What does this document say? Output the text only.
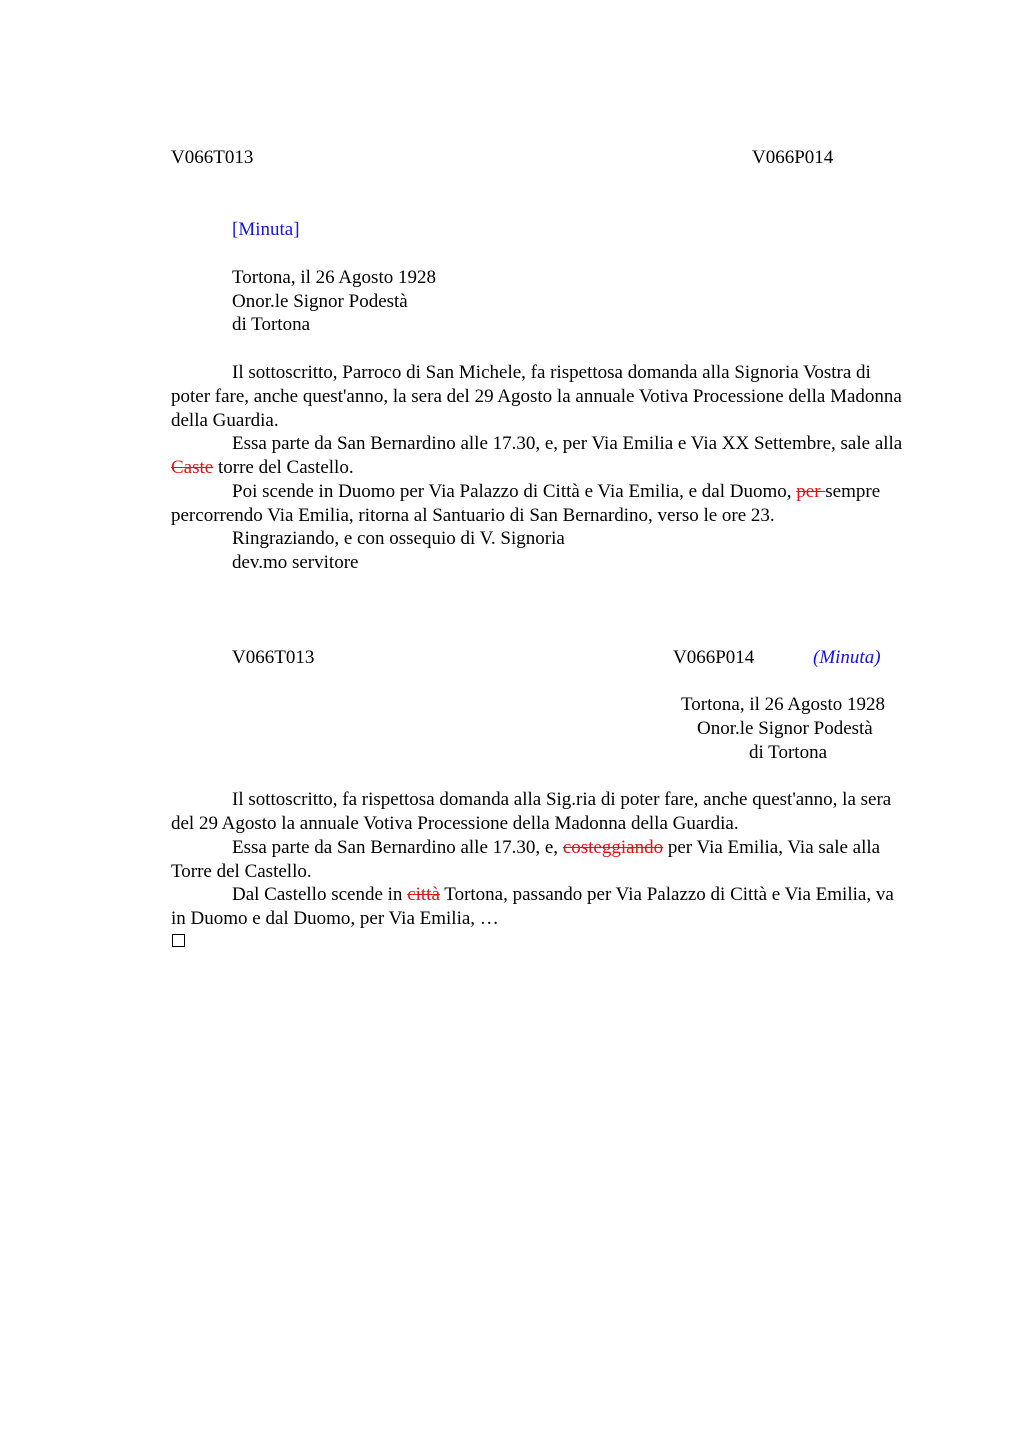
V066T013	V066P014
[Minuta]
Tortona, il 26 Agosto 1928
Onor.le Signor Podestà
di Tortona
Il sottoscritto, Parroco di San Michele, fa rispettosa domanda alla Signoria Vostra di poter fare, anche quest'anno, la sera del 29 Agosto la annuale Votiva Processione della Madonna della Guardia.
Essa parte da San Bernardino alle 17.30, e, per Via Emilia e Via XX Settembre, sale alla Caste torre del Castello.
Poi scende in Duomo per Via Palazzo di Città e Via Emilia, e dal Duomo, per sempre percorrendo Via Emilia, ritorna al Santuario di San Bernardino, verso le ore 23.
Ringraziando, e con ossequio di V. Signoria
dev.mo servitore
V066T013	V066P014	(Minuta)
Tortona, il 26 Agosto 1928
Onor.le Signor Podestà
di Tortona
Il sottoscritto, fa rispettosa domanda alla Sig.ria di poter fare, anche quest'anno, la sera del 29 Agosto la annuale Votiva Processione della Madonna della Guardia.
Essa parte da San Bernardino alle 17.30, e, costeggiando per Via Emilia, Via sale alla Torre del Castello.
Dal Castello scende in città Tortona, passando per Via Palazzo di Città e Via Emilia, va in Duomo e dal Duomo, per Via Emilia, …
